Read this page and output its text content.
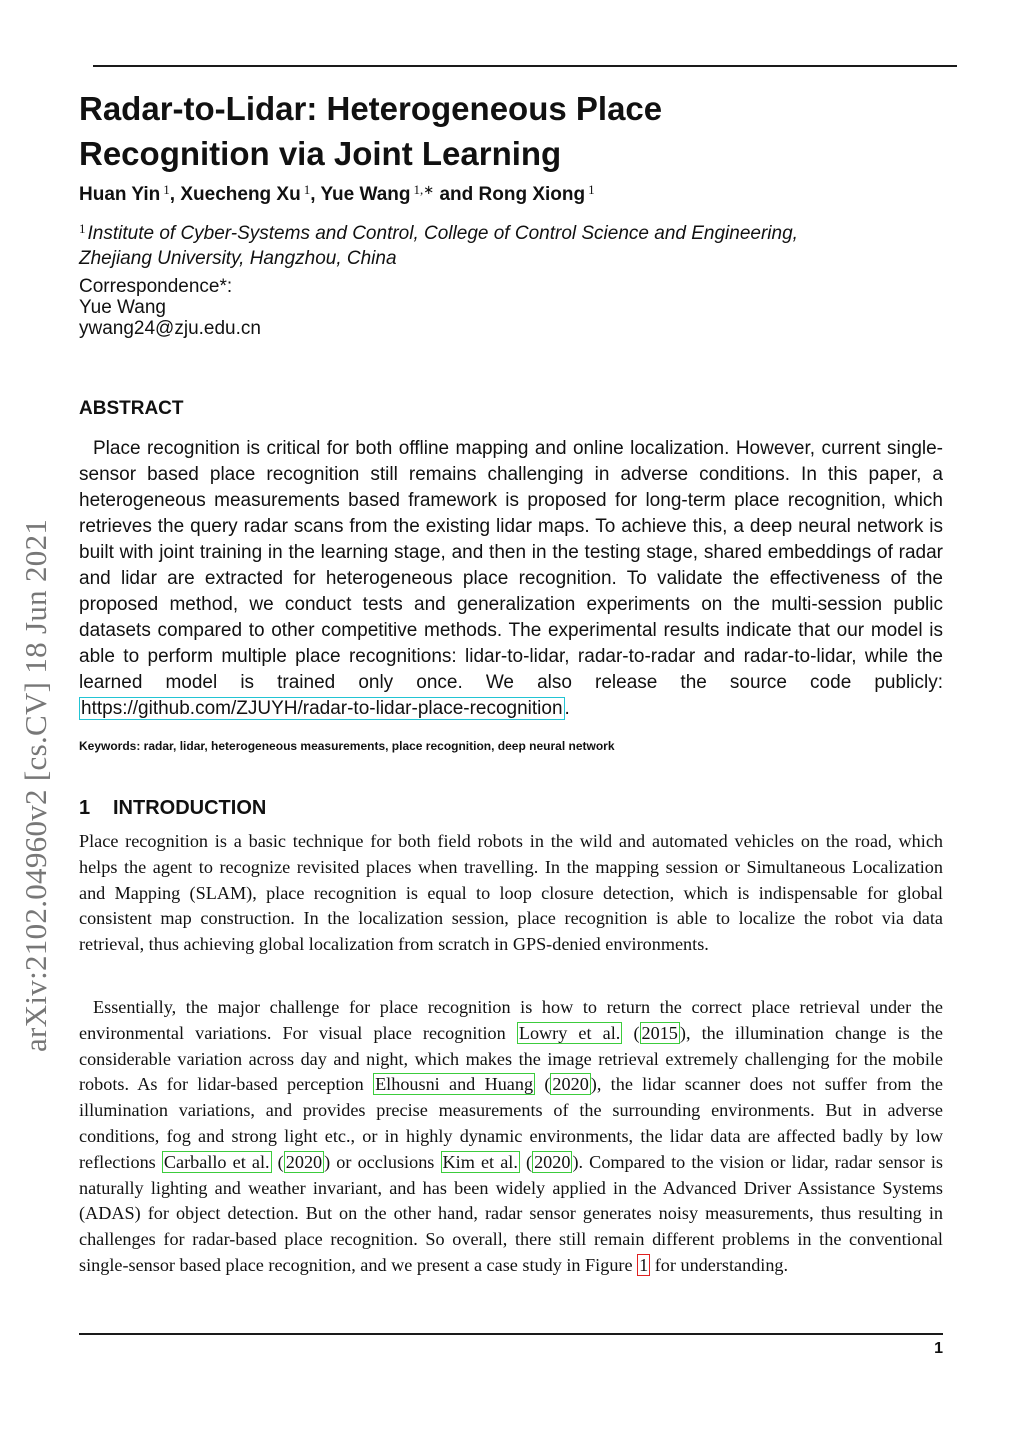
arXiv:2102.04960v2 [cs.CV] 18 Jun 2021
Radar-to-Lidar: Heterogeneous Place Recognition via Joint Learning
Huan Yin $^1$, Xuecheng Xu $^1$, Yue Wang $^{1,∗}$ and Rong Xiong $^1$
$^1$ Institute of Cyber-Systems and Control, College of Control Science and Engineering, Zhejiang University, Hangzhou, China
Correspondence*:
Yue Wang
ywang24@zju.edu.cn
ABSTRACT
Place recognition is critical for both offline mapping and online localization. However, current single-sensor based place recognition still remains challenging in adverse conditions. In this paper, a heterogeneous measurements based framework is proposed for long-term place recognition, which retrieves the query radar scans from the existing lidar maps. To achieve this, a deep neural network is built with joint training in the learning stage, and then in the testing stage, shared embeddings of radar and lidar are extracted for heterogeneous place recognition. To validate the effectiveness of the proposed method, we conduct tests and generalization experiments on the multi-session public datasets compared to other competitive methods. The experimental results indicate that our model is able to perform multiple place recognitions: lidar-to-lidar, radar-to-radar and radar-to-lidar, while the learned model is trained only once. We also release the source code publicly: https://github.com/ZJUYH/radar-to-lidar-place-recognition .
Keywords: radar, lidar, heterogeneous measurements, place recognition, deep neural network
1 INTRODUCTION
Place recognition is a basic technique for both field robots in the wild and automated vehicles on the road, which helps the agent to recognize revisited places when travelling. In the mapping session or Simultaneous Localization and Mapping (SLAM), place recognition is equal to loop closure detection, which is indispensable for global consistent map construction. In the localization session, place recognition is able to localize the robot via data retrieval, thus achieving global localization from scratch in GPS-denied environments.
Essentially, the major challenge for place recognition is how to return the correct place retrieval under the environmental variations. For visual place recognition Lowry et al. ( 2015 ), the illumination change is the considerable variation across day and night, which makes the image retrieval extremely challenging for the mobile robots. As for lidar-based perception Elhousni and Huang ( 2020 ), the lidar scanner does not suffer from the illumination variations, and provides precise measurements of the surrounding environments. But in adverse conditions, fog and strong light etc., or in highly dynamic environments, the lidar data are affected badly by low reflections Carballo et al. ( 2020 ) or occlusions Kim et al. ( 2020 ). Compared to the vision or lidar, radar sensor is naturally lighting and weather invariant, and has been widely applied in the Advanced Driver Assistance Systems (ADAS) for object detection. But on the other hand, radar sensor generates noisy measurements, thus resulting in challenges for radar-based place recognition. So overall, there still remain different problems in the conventional single-sensor based place recognition, and we present a case study in Figure 1 for understanding.
1
